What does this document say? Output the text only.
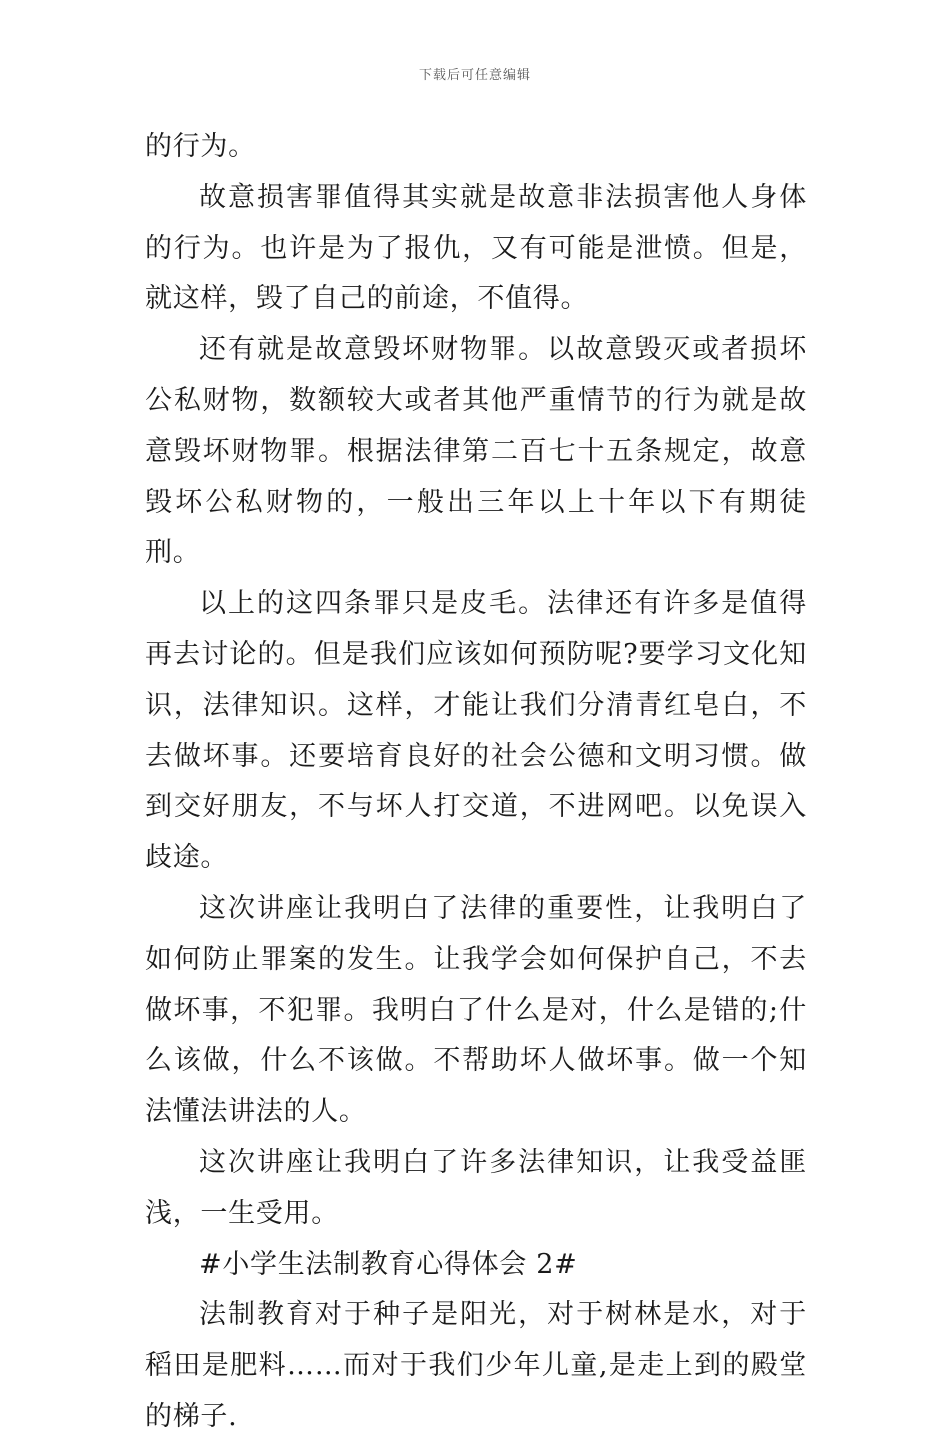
下载后可任意编辑

的行为。

故意损害罪值得其实就是故意非法损害他人身体的行为。也许是为了报仇，又有可能是泄愤。但是，就这样，毁了自己的前途，不值得。

还有就是故意毁坏财物罪。以故意毁灭或者损坏公私财物，数额较大或者其他严重情节的行为就是故意毁坏财物罪。根据法律第二百七十五条规定，故意毁坏公私财物的，一般出三年以上十年以下有期徒刑。

以上的这四条罪只是皮毛。法律还有许多是值得再去讨论的。但是我们应该如何预防呢?要学习文化知识，法律知识。这样，才能让我们分清青红皂白，不去做坏事。还要培育良好的社会公德和文明习惯。做到交好朋友，不与坏人打交道，不进网吧。以免误入歧途。

这次讲座让我明白了法律的重要性，让我明白了如何防止罪案的发生。让我学会如何保护自己，不去做坏事，不犯罪。我明白了什么是对，什么是错的;什么该做，什么不该做。不帮助坏人做坏事。做一个知法懂法讲法的人。

这次讲座让我明白了许多法律知识，让我受益匪浅，一生受用。

#小学生法制教育心得体会 2#

法制教育对于种子是阳光，对于树林是水，对于稻田是肥料……而对于我们少年儿童,是走上到的殿堂的梯子.
